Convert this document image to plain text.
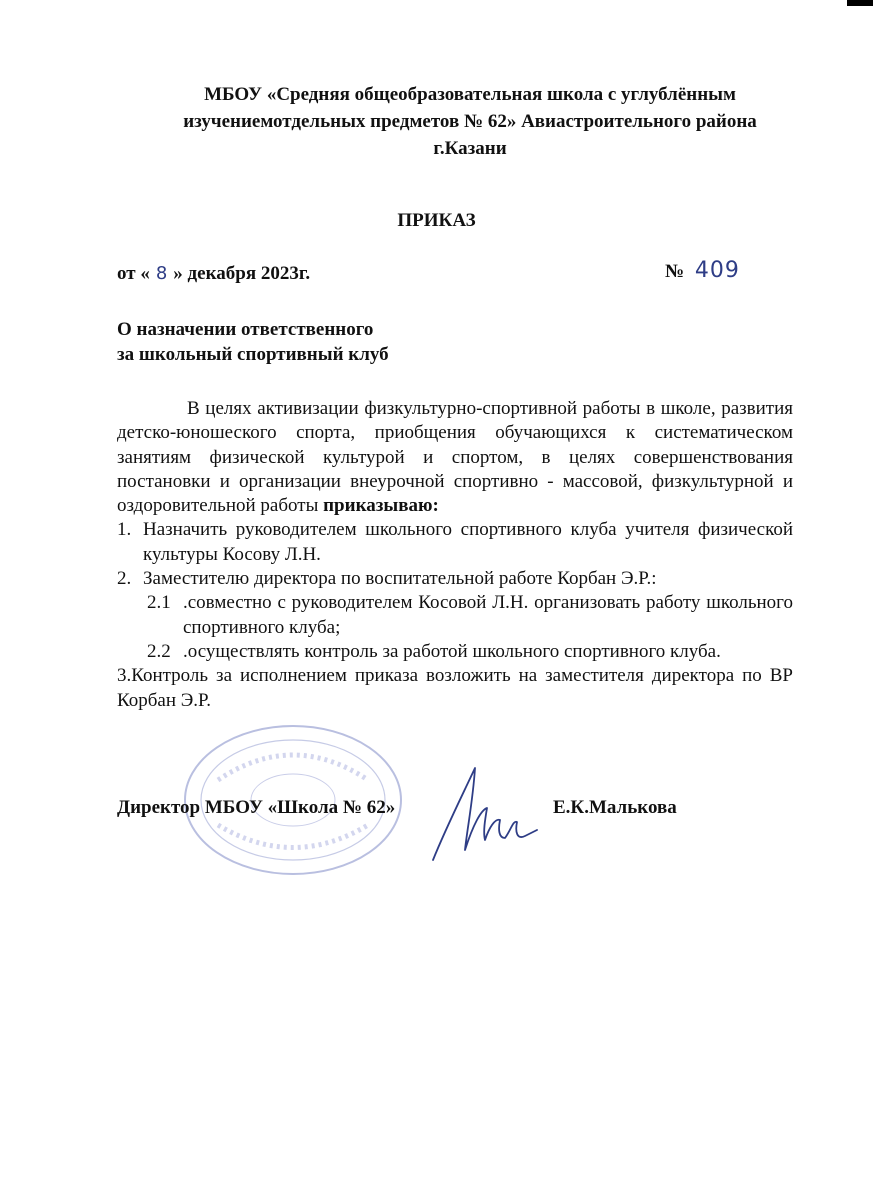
МБОУ «Средняя общеобразовательная школа с углублённым
изучениемотдельных предметов № 62» Авиастроительного района
г.Казани
ПРИКАЗ
от « 8 » декабря 2023г.	№ 409
О назначении ответственного
за школьный спортивный клуб

В целях активизации физкультурно-спортивной работы в школе, развития детско-юношеского спорта, приобщения обучающихся к систематическом занятиям физической культурой и спортом, в целях совершенствования постановки и организации внеурочной спортивно - массовой, физкультурной и оздоровительной работы приказываю:

1. Назначить руководителем школьного спортивного клуба учителя физической культуры Косову Л.Н.
2. Заместителю директора по воспитательной работе Корбан Э.Р.:
2.1 .совместно с руководителем Косовой Л.Н. организовать работу школьного спортивного клуба;
2.2 .осуществлять контроль за работой школьного спортивного клуба.

3.Контроль за исполнением приказа возложить на заместителя директора по ВР Корбан Э.Р.

Директор МБОУ «Школа № 62»	Е.К.Малькова
